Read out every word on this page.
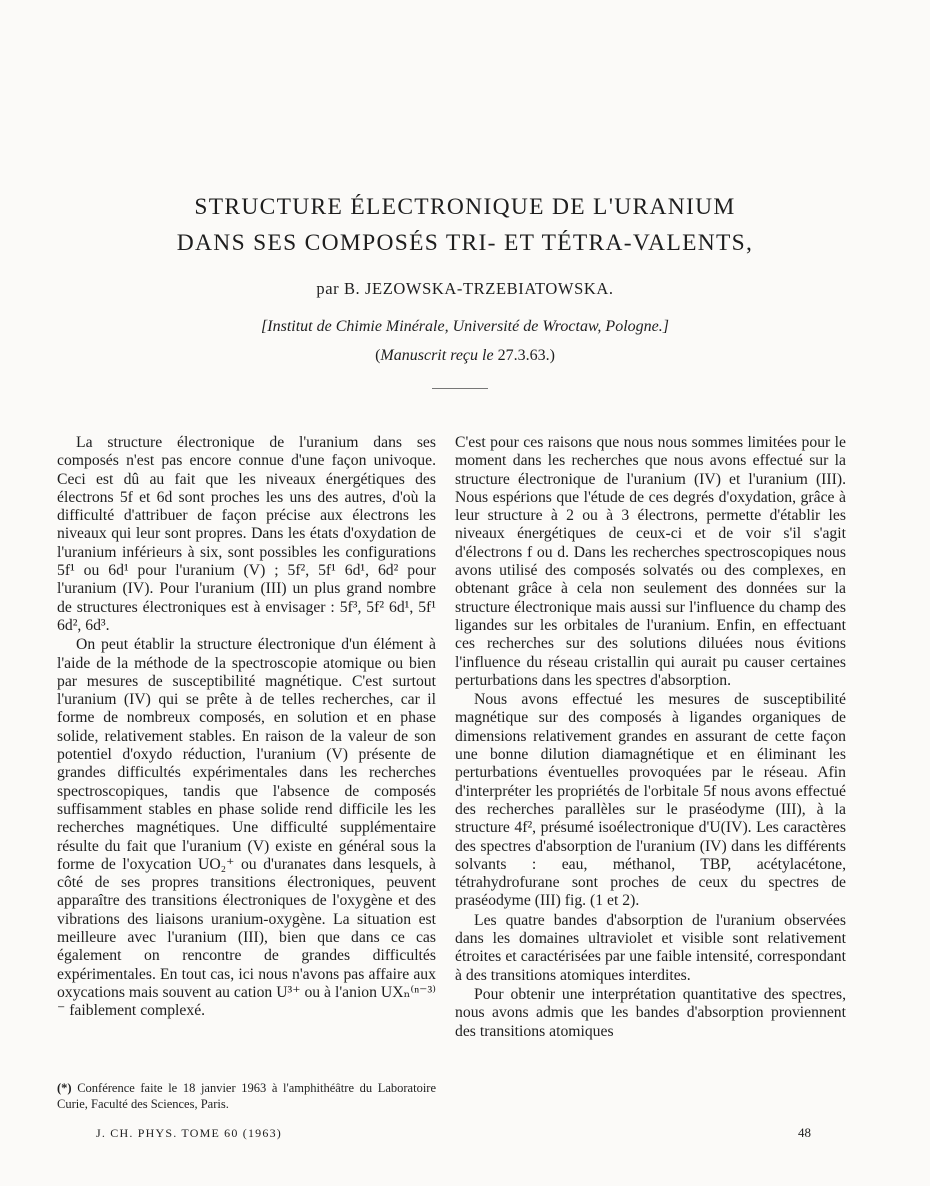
STRUCTURE ÉLECTRONIQUE DE L'URANIUM
DANS SES COMPOSÉS TRI- ET TÉTRA-VALENTS,
par B. JEZOWSKA-TRZEBIATOWSKA.
[Institut de Chimie Minérale, Université de Wroctaw, Pologne.]
(Manuscrit reçu le 27.3.63.)

La structure électronique de l'uranium dans ses composés n'est pas encore connue d'une façon univoque. Ceci est dû au fait que les niveaux énergétiques des électrons 5f et 6d sont proches les uns des autres, d'où la difficulté d'attribuer de façon précise aux électrons les niveaux qui leur sont propres. Dans les états d'oxydation de l'uranium inférieurs à six, sont possibles les configurations 5f¹ ou 6d¹ pour l'uranium (V) ; 5f², 5f¹ 6d¹, 6d² pour l'uranium (IV). Pour l'uranium (III) un plus grand nombre de structures électroniques est à envisager : 5f³, 5f² 6d¹, 5f¹ 6d², 6d³.

On peut établir la structure électronique d'un élément à l'aide de la méthode de la spectroscopie atomique ou bien par mesures de susceptibilité magnétique. C'est surtout l'uranium (IV) qui se prête à de telles recherches, car il forme de nombreux composés, en solution et en phase solide, relativement stables. En raison de la valeur de son potentiel d'oxydo réduction, l'uranium (V) présente de grandes difficultés expérimentales dans les recherches spectroscopiques, tandis que l'absence de composés suffisamment stables en phase solide rend difficile les les recherches magnétiques. Une difficulté supplémentaire résulte du fait que l'uranium (V) existe en général sous la forme de l'oxycation UO₂⁺ ou d'uranates dans lesquels, à côté de ses propres transitions électroniques, peuvent apparaître des transitions électroniques de l'oxygène et des vibrations des liaisons uranium-oxygène. La situation est meilleure avec l'uranium (III), bien que dans ce cas également on rencontre de grandes difficultés expérimentales. En tout cas, ici nous n'avons pas affaire aux oxycations mais souvent au cation U³⁺ ou à l'anion UXₙ⁽ⁿ⁻³⁾⁻ faiblement complexé.

C'est pour ces raisons que nous nous sommes limitées pour le moment dans les recherches que nous avons effectué sur la structure électronique de l'uranium (IV) et l'uranium (III). Nous espérions que l'étude de ces degrés d'oxydation, grâce à leur structure à 2 ou à 3 électrons, permette d'établir les niveaux énergétiques de ceux-ci et de voir s'il s'agit d'électrons f ou d. Dans les recherches spectroscopiques nous avons utilisé des composés solvatés ou des complexes, en obtenant grâce à cela non seulement des données sur la structure électronique mais aussi sur l'influence du champ des ligandes sur les orbitales de l'uranium. Enfin, en effectuant ces recherches sur des solutions diluées nous évitions l'influence du réseau cristallin qui aurait pu causer certaines perturbations dans les spectres d'absorption.

Nous avons effectué les mesures de susceptibilité magnétique sur des composés à ligandes organiques de dimensions relativement grandes en assurant de cette façon une bonne dilution diamagnétique et en éliminant les perturbations éventuelles provoquées par le réseau. Afin d'interpréter les propriétés de l'orbitale 5f nous avons effectué des recherches parallèles sur le praséodyme (III), à la structure 4f², présumé isoélectronique d'U(IV). Les caractères des spectres d'absorption de l'uranium (IV) dans les différents solvants : eau, méthanol, TBP, acétylacétone, tétrahydrofurane sont proches de ceux du spectres de praséodyme (III) fig. (1 et 2).

Les quatre bandes d'absorption de l'uranium observées dans les domaines ultraviolet et visible sont relativement étroites et caractérisées par une faible intensité, correspondant à des transitions atomiques interdites.

Pour obtenir une interprétation quantitative des spectres, nous avons admis que les bandes d'absorption proviennent des transitions atomiques

(*) Conférence faite le 18 janvier 1963 à l'amphithéâtre du Laboratoire Curie, Faculté des Sciences, Paris.
J. CH. PHYS. TOME 60 (1963)	48
